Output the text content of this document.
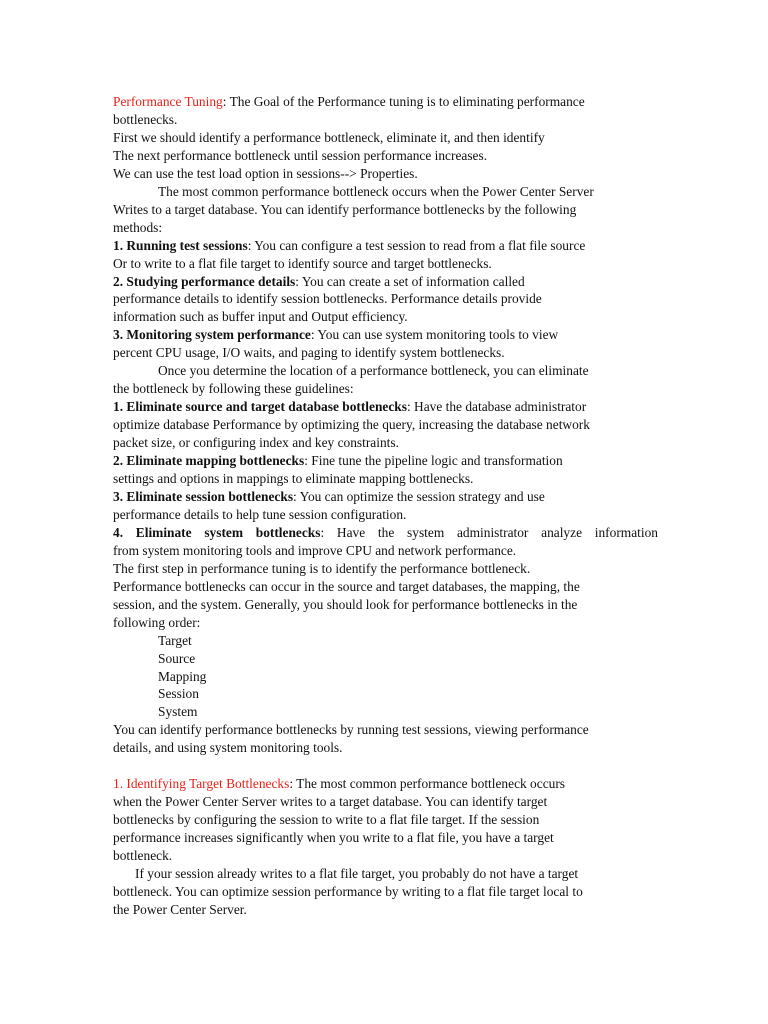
Performance Tuning: The Goal of the Performance tuning is to eliminating performance
bottlenecks.
First we should identify a performance bottleneck, eliminate it, and then identify
The next performance bottleneck until session performance increases.
We can use the test load option in sessions--> Properties.
The most common performance bottleneck occurs when the Power Center Server
Writes to a target database. You can identify performance bottlenecks by the following
methods:
1. Running test sessions: You can configure a test session to read from a flat file source
Or to write to a flat file target to identify source and target bottlenecks.
2. Studying performance details: You can create a set of information called
performance details to identify session bottlenecks. Performance details provide
information such as buffer input and Output efficiency.
3. Monitoring system performance: You can use system monitoring tools to view
percent CPU usage, I/O waits, and paging to identify system bottlenecks.
Once you determine the location of a performance bottleneck, you can eliminate
the bottleneck by following these guidelines:
1. Eliminate source and target database bottlenecks: Have the database administrator
optimize database Performance by optimizing the query, increasing the database network
packet size, or configuring index and key constraints.
2. Eliminate mapping bottlenecks: Fine tune the pipeline logic and transformation
settings and options in mappings to eliminate mapping bottlenecks.
3. Eliminate session bottlenecks: You can optimize the session strategy and use
performance details to help tune session configuration.
4. Eliminate system bottlenecks: Have the system administrator analyze information
from system monitoring tools and improve CPU and network performance.
The first step in performance tuning is to identify the performance bottleneck.
Performance bottlenecks can occur in the source and target databases, the mapping, the
session, and the system. Generally, you should look for performance bottlenecks in the
following order:
Target
Source
Mapping
Session
System
You can identify performance bottlenecks by running test sessions, viewing performance
details, and using system monitoring tools.
1. Identifying Target Bottlenecks: The most common performance bottleneck occurs
when the Power Center Server writes to a target database. You can identify target
bottlenecks by configuring the session to write to a flat file target. If the session
performance increases significantly when you write to a flat file, you have a target
bottleneck.
If your session already writes to a flat file target, you probably do not have a target
bottleneck. You can optimize session performance by writing to a flat file target local to
the Power Center Server.
